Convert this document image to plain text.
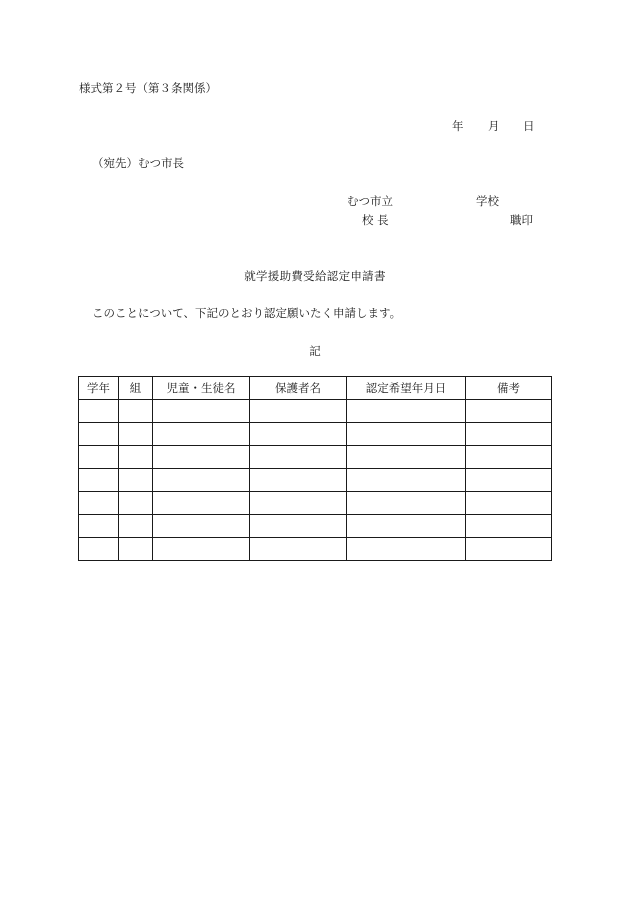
様式第２号（第３条関係）
年 月 日
（宛先）むつ市長
むつ市立	学校
校 長	職印
就学援助費受給認定申請書
このことについて、下記のとおり認定願いたく申請します。
記
学年	組	児童・生徒名	保護者名	認定希望年月日	備考
